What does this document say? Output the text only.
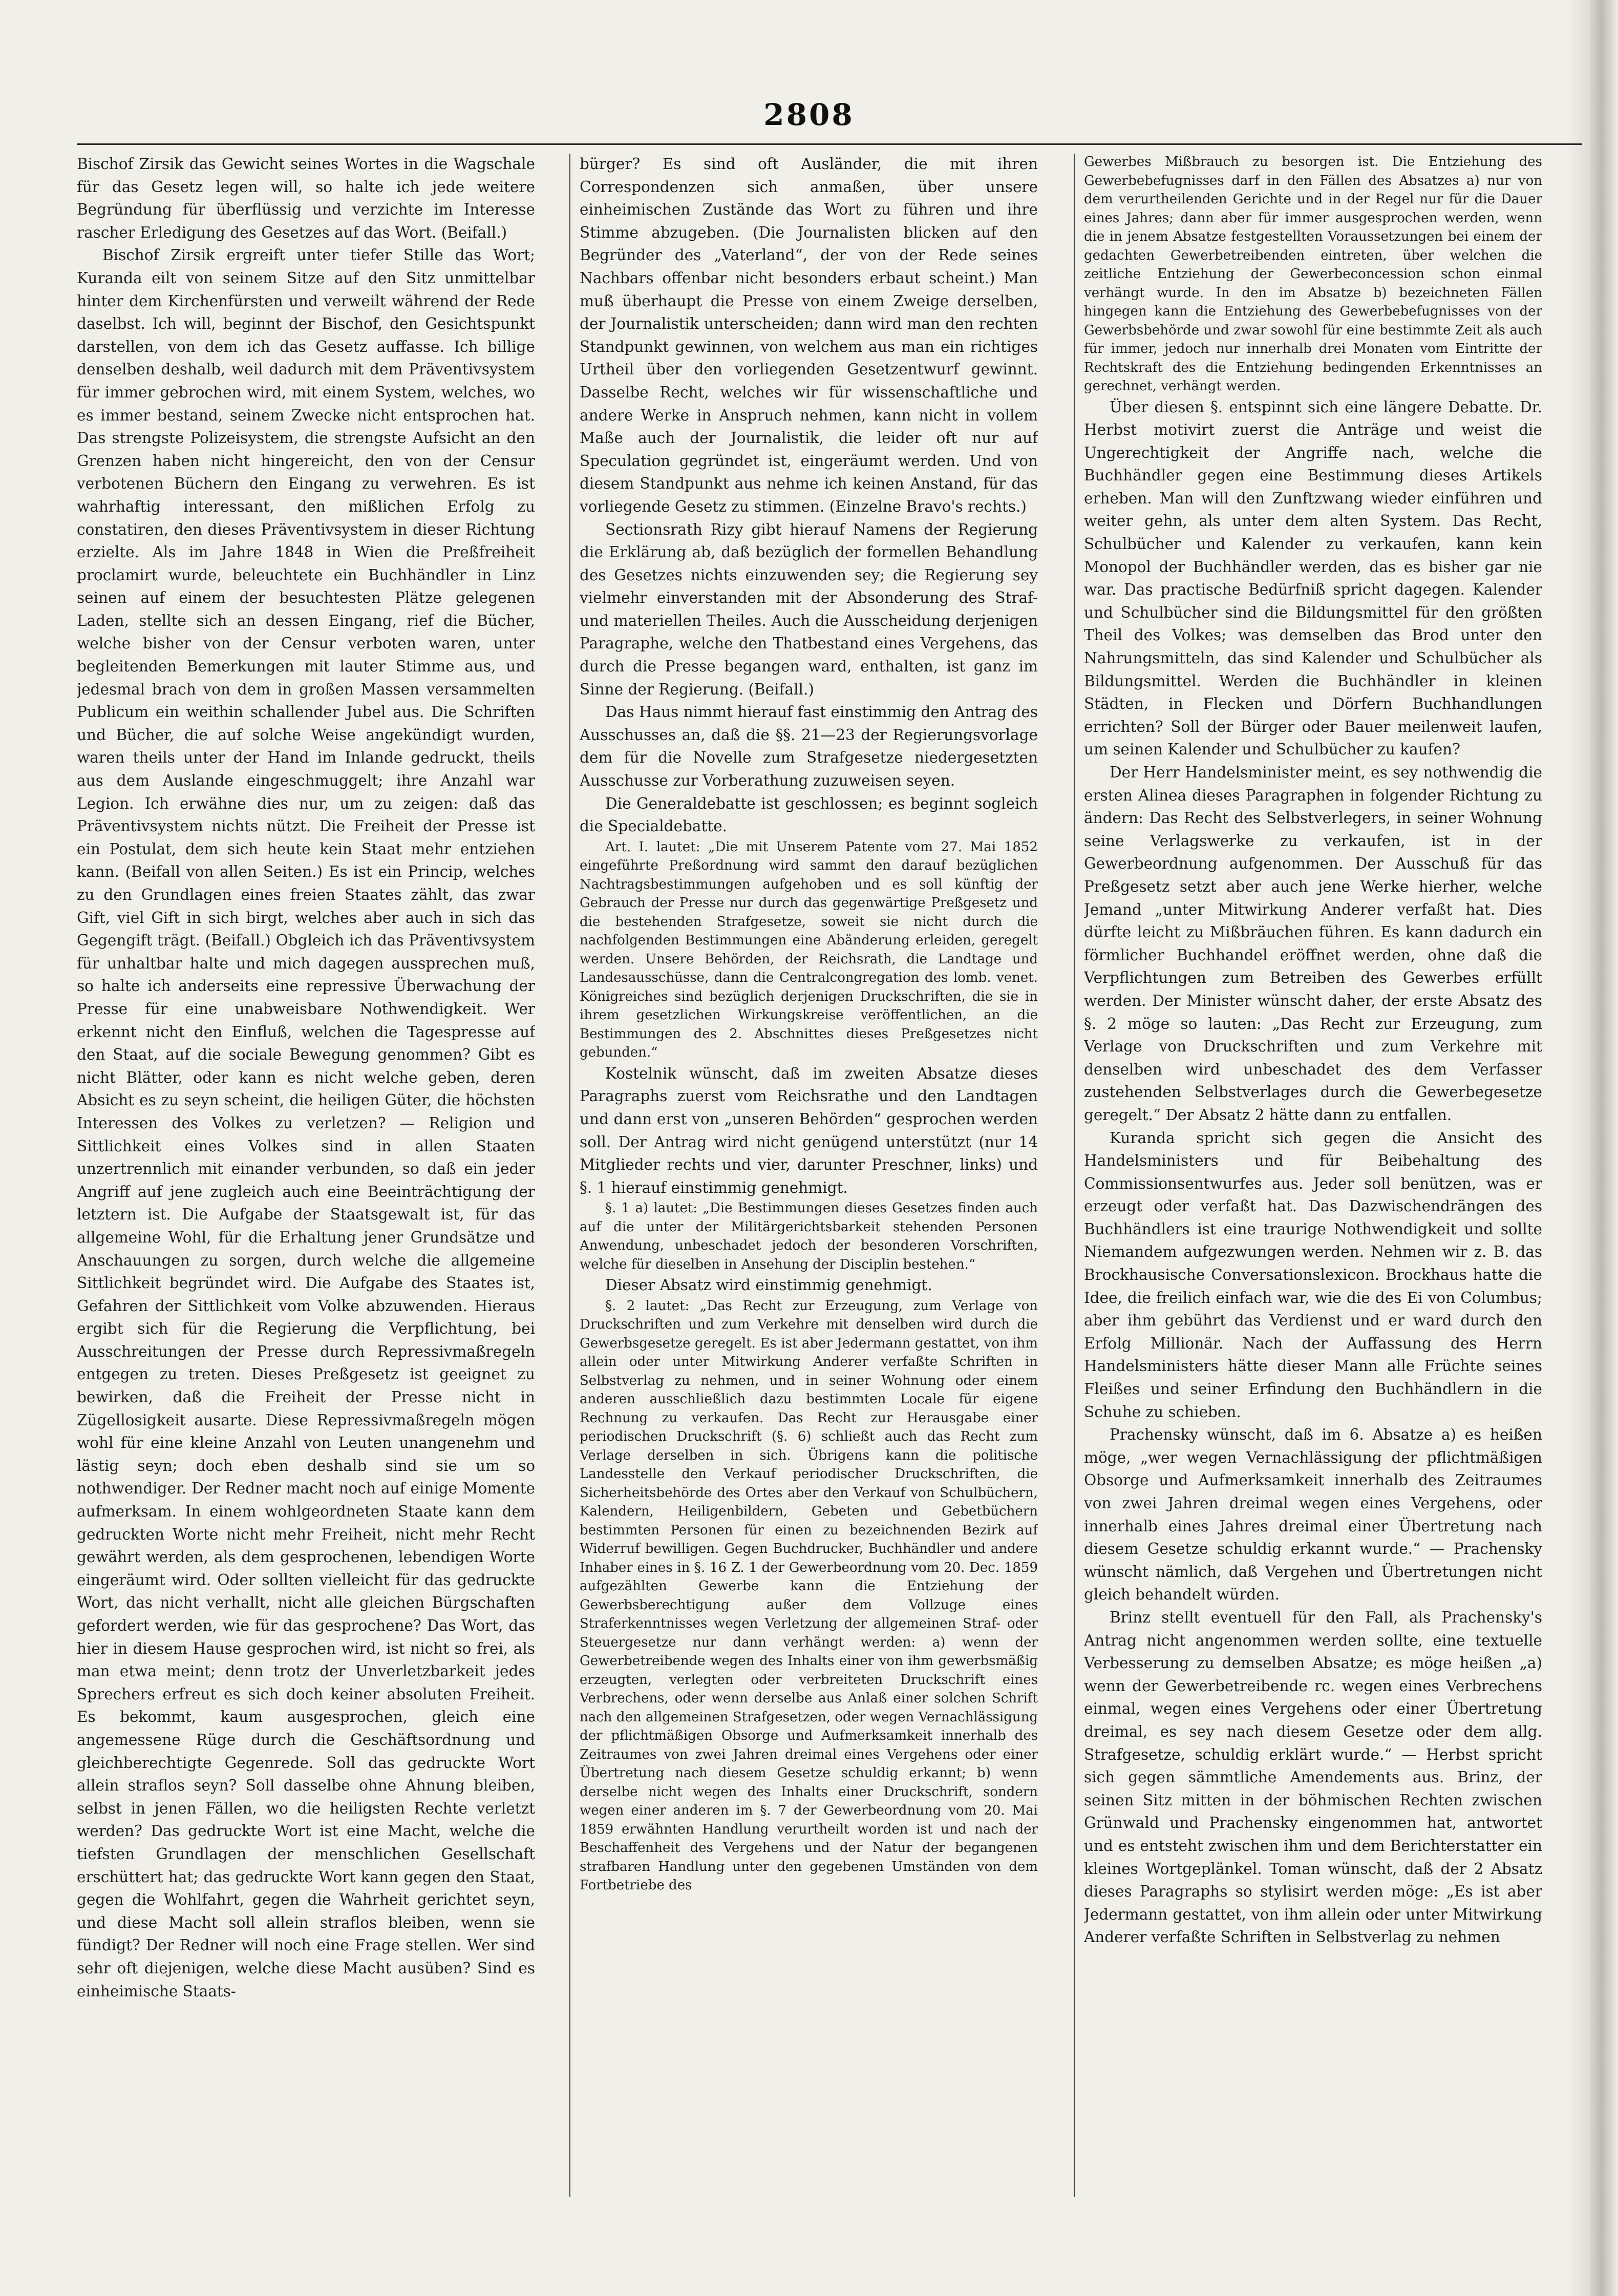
2808

Bischof Zirsik das Gewicht seines Wortes in die Wagschale für das Gesetz legen will, so halte ich jede weitere Begründung für überflüssig und verzichte im Interesse rascher Erledigung des Gesetzes auf das Wort. (Beifall.)

Bischof Zirsik ergreift unter tiefer Stille das Wort; Kuranda eilt von seinem Sitze auf den Sitz unmittelbar hinter dem Kirchenfürsten und verweilt während der Rede daselbst. Ich will, beginnt der Bischof, den Gesichtspunkt darstellen, von dem ich das Gesetz auffasse. Ich billige denselben deshalb, weil dadurch mit dem Präventivsystem für immer gebrochen wird, mit einem System, welches, wo es immer bestand, seinem Zwecke nicht entsprochen hat. Das strengste Polizeisystem, die strengste Aufsicht an den Grenzen haben nicht hingereicht, den von der Censur verbotenen Büchern den Eingang zu verwehren. Es ist wahrhaftig interessant, den mißlichen Erfolg zu constatiren, den dieses Präventivsystem in dieser Richtung erzielte. Als im Jahre 1848 in Wien die Preßfreiheit proclamirt wurde, beleuchtete ein Buchhändler in Linz seinen auf einem der besuchtesten Plätze gelegenen Laden, stellte sich an dessen Eingang, rief die Bücher, welche bisher von der Censur verboten waren, unter begleitenden Bemerkungen mit lauter Stimme aus, und jedesmal brach von dem in großen Massen versammelten Publicum ein weithin schallender Jubel aus. Die Schriften und Bücher, die auf solche Weise angekündigt wurden, waren theils unter der Hand im Inlande gedruckt, theils aus dem Auslande eingeschmuggelt; ihre Anzahl war Legion. Ich erwähne dies nur, um zu zeigen: daß das Präventivsystem nichts nützt. Die Freiheit der Presse ist ein Postulat, dem sich heute kein Staat mehr entziehen kann. (Beifall von allen Seiten.) Es ist ein Princip, welches zu den Grundlagen eines freien Staates zählt, das zwar Gift, viel Gift in sich birgt, welches aber auch in sich das Gegengift trägt. (Beifall.) Obgleich ich das Präventivsystem für unhaltbar halte und mich dagegen aussprechen muß, so halte ich anderseits eine repressive Überwachung der Presse für eine unabweisbare Nothwendigkeit. Wer erkennt nicht den Einfluß, welchen die Tagespresse auf den Staat, auf die sociale Bewegung genommen? Gibt es nicht Blätter, oder kann es nicht welche geben, deren Absicht es zu seyn scheint, die heiligen Güter, die höchsten Interessen des Volkes zu verletzen? — Religion und Sittlichkeit eines Volkes sind in allen Staaten unzertrennlich mit einander verbunden, so daß ein jeder Angriff auf jene zugleich auch eine Beeinträchtigung der letztern ist. Die Aufgabe der Staatsgewalt ist, für das allgemeine Wohl, für die Erhaltung jener Grundsätze und Anschauungen zu sorgen, durch welche die allgemeine Sittlichkeit begründet wird. Die Aufgabe des Staates ist, Gefahren der Sittlichkeit vom Volke abzuwenden. Hieraus ergibt sich für die Regierung die Verpflichtung, bei Ausschreitungen der Presse durch Repressivmaßregeln entgegen zu treten. Dieses Preßgesetz ist geeignet zu bewirken, daß die Freiheit der Presse nicht in Zügellosigkeit ausarte. Diese Repressivmaßregeln mögen wohl für eine kleine Anzahl von Leuten unangenehm und lästig seyn; doch eben deshalb sind sie um so nothwendiger. Der Redner macht noch auf einige Momente aufmerksam. In einem wohlgeordneten Staate kann dem gedruckten Worte nicht mehr Freiheit, nicht mehr Recht gewährt werden, als dem gesprochenen, lebendigen Worte eingeräumt wird. Oder sollten vielleicht für das gedruckte Wort, das nicht verhallt, nicht alle gleichen Bürgschaften gefordert werden, wie für das gesprochene? Das Wort, das hier in diesem Hause gesprochen wird, ist nicht so frei, als man etwa meint; denn trotz der Unverletzbarkeit jedes Sprechers erfreut es sich doch keiner absoluten Freiheit. Es bekommt, kaum ausgesprochen, gleich eine angemessene Rüge durch die Geschäftsordnung und gleichberechtigte Gegenrede. Soll das gedruckte Wort allein straflos seyn? Soll dasselbe ohne Ahnung bleiben, selbst in jenen Fällen, wo die heiligsten Rechte verletzt werden? Das gedruckte Wort ist eine Macht, welche die tiefsten Grundlagen der menschlichen Gesellschaft erschüttert hat; das gedruckte Wort kann gegen den Staat, gegen die Wohlfahrt, gegen die Wahrheit gerichtet seyn, und diese Macht soll allein straflos bleiben, wenn sie fündigt? Der Redner will noch eine Frage stellen. Wer sind sehr oft diejenigen, welche diese Macht ausüben? Sind es einheimische Staats-

bürger? Es sind oft Ausländer, die mit ihren Correspondenzen sich anmaßen, über unsere einheimischen Zustände das Wort zu führen und ihre Stimme abzugeben. (Die Journalisten blicken auf den Begründer des „Vaterland“, der von der Rede seines Nachbars offenbar nicht besonders erbaut scheint.) Man muß überhaupt die Presse von einem Zweige derselben, der Journalistik unterscheiden; dann wird man den rechten Standpunkt gewinnen, von welchem aus man ein richtiges Urtheil über den vorliegenden Gesetzentwurf gewinnt. Dasselbe Recht, welches wir für wissenschaftliche und andere Werke in Anspruch nehmen, kann nicht in vollem Maße auch der Journalistik, die leider oft nur auf Speculation gegründet ist, eingeräumt werden. Und von diesem Standpunkt aus nehme ich keinen Anstand, für das vorliegende Gesetz zu stimmen. (Einzelne Bravo's rechts.)

Sectionsrath Rizy gibt hierauf Namens der Regierung die Erklärung ab, daß bezüglich der formellen Behandlung des Gesetzes nichts einzuwenden sey; die Regierung sey vielmehr einverstanden mit der Absonderung des Straf- und materiellen Theiles. Auch die Ausscheidung derjenigen Paragraphe, welche den Thatbestand eines Vergehens, das durch die Presse begangen ward, enthalten, ist ganz im Sinne der Regierung. (Beifall.)

Das Haus nimmt hierauf fast einstimmig den Antrag des Ausschusses an, daß die §§. 21—23 der Regierungsvorlage dem für die Novelle zum Strafgesetze niedergesetzten Ausschusse zur Vorberathung zuzuweisen seyen.

Die Generaldebatte ist geschlossen; es beginnt sogleich die Specialdebatte.

Art. I. lautet: „Die mit Unserem Patente vom 27. Mai 1852 eingeführte Preßordnung wird sammt den darauf bezüglichen Nachtragsbestimmungen aufgehoben und es soll künftig der Gebrauch der Presse nur durch das gegenwärtige Preßgesetz und die bestehenden Strafgesetze, soweit sie nicht durch die nachfolgenden Bestimmungen eine Abänderung erleiden, geregelt werden. Unsere Behörden, der Reichsrath, die Landtage und Landesausschüsse, dann die Centralcongregation des lomb. venet. Königreiches sind bezüglich derjenigen Druckschriften, die sie in ihrem gesetzlichen Wirkungskreise veröffentlichen, an die Bestimmungen des 2. Abschnittes dieses Preßgesetzes nicht gebunden.“

Kostelnik wünscht, daß im zweiten Absatze dieses Paragraphs zuerst vom Reichsrathe und den Landtagen und dann erst von „unseren Behörden“ gesprochen werden soll. Der Antrag wird nicht genügend unterstützt (nur 14 Mitglieder rechts und vier, darunter Preschner, links) und §. 1 hierauf einstimmig genehmigt.

§. 1 a) lautet: „Die Bestimmungen dieses Gesetzes finden auch auf die unter der Militärgerichtsbarkeit stehenden Personen Anwendung, unbeschadet jedoch der besonderen Vorschriften, welche für dieselben in Ansehung der Disciplin bestehen.“

Dieser Absatz wird einstimmig genehmigt.

§. 2 lautet: „Das Recht zur Erzeugung, zum Verlage von Druckschriften und zum Verkehre mit denselben wird durch die Gewerbsgesetze geregelt. Es ist aber Jedermann gestattet, von ihm allein oder unter Mitwirkung Anderer verfaßte Schriften in Selbstverlag zu nehmen, und in seiner Wohnung oder einem anderen ausschließlich dazu bestimmten Locale für eigene Rechnung zu verkaufen. Das Recht zur Herausgabe einer periodischen Druckschrift (§. 6) schließt auch das Recht zum Verlage derselben in sich. Übrigens kann die politische Landesstelle den Verkauf periodischer Druckschriften, die Sicherheitsbehörde des Ortes aber den Verkauf von Schulbüchern, Kalendern, Heiligenbildern, Gebeten und Gebetbüchern bestimmten Personen für einen zu bezeichnenden Bezirk auf Widerruf bewilligen. Gegen Buchdrucker, Buchhändler und andere Inhaber eines in §. 16 Z. 1 der Gewerbeordnung vom 20. Dec. 1859 aufgezählten Gewerbe kann die Entziehung der Gewerbsberechtigung außer dem Vollzuge eines Straferkenntnisses wegen Verletzung der allgemeinen Straf- oder Steuergesetze nur dann verhängt werden: a) wenn der Gewerbetreibende wegen des Inhalts einer von ihm gewerbsmäßig erzeugten, verlegten oder verbreiteten Druckschrift eines Verbrechens, oder wenn derselbe aus Anlaß einer solchen Schrift nach den allgemeinen Strafgesetzen, oder wegen Vernachlässigung der pflichtmäßigen Obsorge und Aufmerksamkeit innerhalb des Zeitraumes von zwei Jahren dreimal eines Vergehens oder einer Übertretung nach diesem Gesetze schuldig erkannt; b) wenn derselbe nicht wegen des Inhalts einer Druckschrift, sondern wegen einer anderen im §. 7 der Gewerbeordnung vom 20. Mai 1859 erwähnten Handlung verurtheilt worden ist und nach der Beschaffenheit des Vergehens und der Natur der begangenen strafbaren Handlung unter den gegebenen Umständen von dem Fortbetriebe des

Gewerbes Mißbrauch zu besorgen ist. Die Entziehung des Gewerbebefugnisses darf in den Fällen des Absatzes a) nur von dem verurtheilenden Gerichte und in der Regel nur für die Dauer eines Jahres; dann aber für immer ausgesprochen werden, wenn die in jenem Absatze festgestellten Voraussetzungen bei einem der gedachten Gewerbetreibenden eintreten, über welchen die zeitliche Entziehung der Gewerbeconcession schon einmal verhängt wurde. In den im Absatze b) bezeichneten Fällen hingegen kann die Entziehung des Gewerbebefugnisses von der Gewerbsbehörde und zwar sowohl für eine bestimmte Zeit als auch für immer, jedoch nur innerhalb drei Monaten vom Eintritte der Rechtskraft des die Entziehung bedingenden Erkenntnisses an gerechnet, verhängt werden.

Über diesen §. entspinnt sich eine längere Debatte. Dr. Herbst motivirt zuerst die Anträge und weist die Ungerechtigkeit der Angriffe nach, welche die Buchhändler gegen eine Bestimmung dieses Artikels erheben. Man will den Zunftzwang wieder einführen und weiter gehn, als unter dem alten System. Das Recht, Schulbücher und Kalender zu verkaufen, kann kein Monopol der Buchhändler werden, das es bisher gar nie war. Das practische Bedürfniß spricht dagegen. Kalender und Schulbücher sind die Bildungsmittel für den größten Theil des Volkes; was demselben das Brod unter den Nahrungsmitteln, das sind Kalender und Schulbücher als Bildungsmittel. Werden die Buchhändler in kleinen Städten, in Flecken und Dörfern Buchhandlungen errichten? Soll der Bürger oder Bauer meilenweit laufen, um seinen Kalender und Schulbücher zu kaufen?

Der Herr Handelsminister meint, es sey nothwendig die ersten Alinea dieses Paragraphen in folgender Richtung zu ändern: Das Recht des Selbstverlegers, in seiner Wohnung seine Verlagswerke zu verkaufen, ist in der Gewerbeordnung aufgenommen. Der Ausschuß für das Preßgesetz setzt aber auch jene Werke hierher, welche Jemand „unter Mitwirkung Anderer verfaßt hat. Dies dürfte leicht zu Mißbräuchen führen. Es kann dadurch ein förmlicher Buchhandel eröffnet werden, ohne daß die Verpflichtungen zum Betreiben des Gewerbes erfüllt werden. Der Minister wünscht daher, der erste Absatz des §. 2 möge so lauten: „Das Recht zur Erzeugung, zum Verlage von Druckschriften und zum Verkehre mit denselben wird unbeschadet des dem Verfasser zustehenden Selbstverlages durch die Gewerbegesetze geregelt.“ Der Absatz 2 hätte dann zu entfallen.

Kuranda spricht sich gegen die Ansicht des Handelsministers und für Beibehaltung des Commissionsentwurfes aus. Jeder soll benützen, was er erzeugt oder verfaßt hat. Das Dazwischendrängen des Buchhändlers ist eine traurige Nothwendigkeit und sollte Niemandem aufgezwungen werden. Nehmen wir z. B. das Brockhausische Conversationslexicon. Brockhaus hatte die Idee, die freilich einfach war, wie die des Ei von Columbus; aber ihm gebührt das Verdienst und er ward durch den Erfolg Millionär. Nach der Auffassung des Herrn Handelsministers hätte dieser Mann alle Früchte seines Fleißes und seiner Erfindung den Buchhändlern in die Schuhe zu schieben.

Prachensky wünscht, daß im 6. Absatze a) es heißen möge, „wer wegen Vernachlässigung der pflichtmäßigen Obsorge und Aufmerksamkeit innerhalb des Zeitraumes von zwei Jahren dreimal wegen eines Vergehens, oder innerhalb eines Jahres dreimal einer Übertretung nach diesem Gesetze schuldig erkannt wurde.“ — Prachensky wünscht nämlich, daß Vergehen und Übertretungen nicht gleich behandelt würden.

Brinz stellt eventuell für den Fall, als Prachensky's Antrag nicht angenommen werden sollte, eine textuelle Verbesserung zu demselben Absatze; es möge heißen „a) wenn der Gewerbetreibende rc. wegen eines Verbrechens einmal, wegen eines Vergehens oder einer Übertretung dreimal, es sey nach diesem Gesetze oder dem allg. Strafgesetze, schuldig erklärt wurde.“ — Herbst spricht sich gegen sämmtliche Amendements aus. Brinz, der seinen Sitz mitten in der böhmischen Rechten zwischen Grünwald und Prachensky eingenommen hat, antwortet und es entsteht zwischen ihm und dem Berichterstatter ein kleines Wortgeplänkel. Toman wünscht, daß der 2 Absatz dieses Paragraphs so stylisirt werden möge: „Es ist aber Jedermann gestattet, von ihm allein oder unter Mitwirkung Anderer verfaßte Schriften in Selbstverlag zu nehmen
